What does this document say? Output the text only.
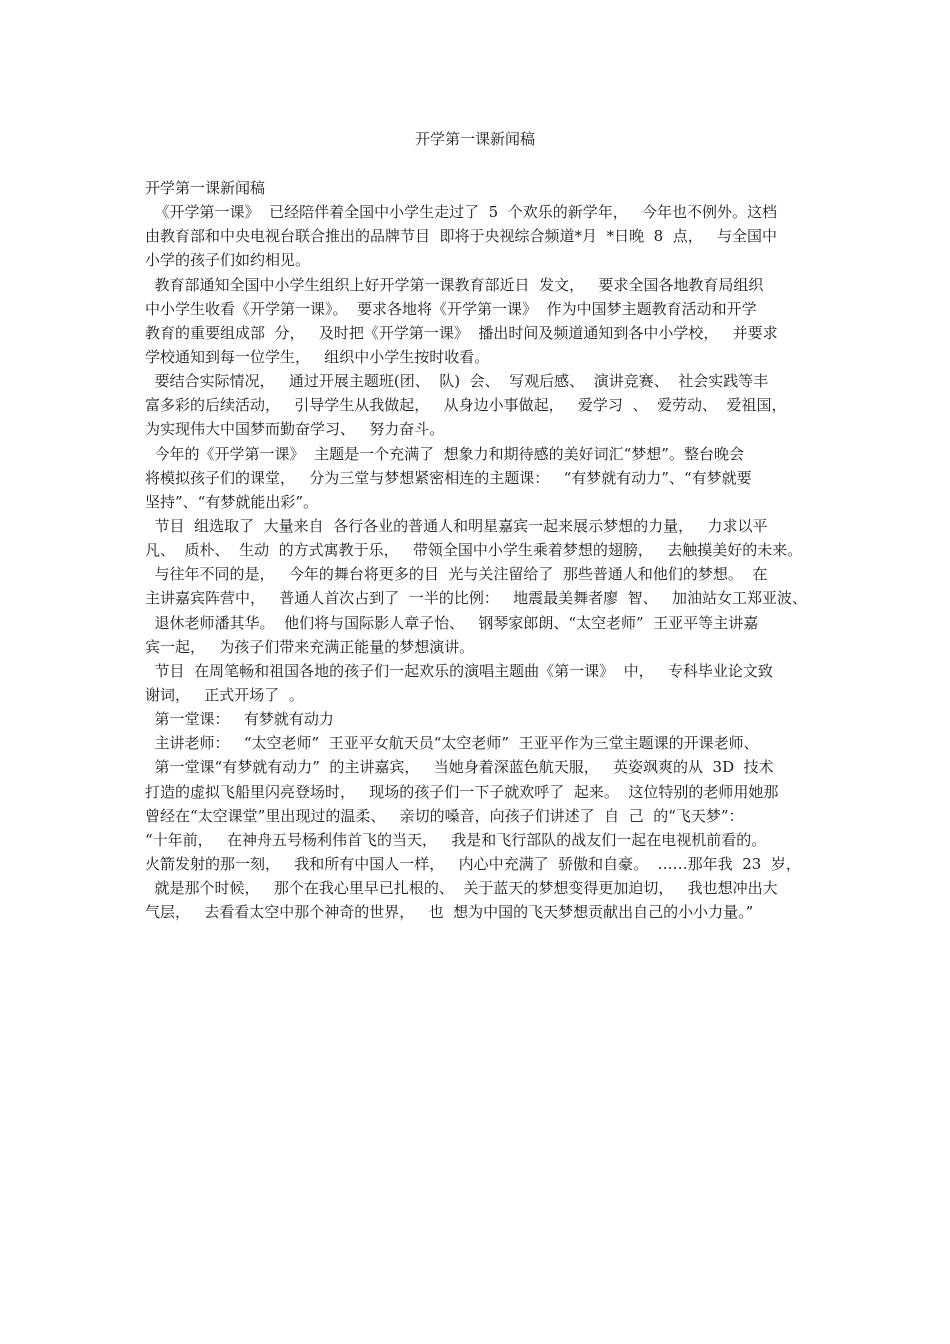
开学第一课新闻稿
开学第一课新闻稿
《开学第一课》  已经陪伴着全国中小学生走过了  5  个欢乐的新学年，   今年也不例外。这档
由教育部和中央电视台联合推出的品牌节目  即将于央视综合频道*月  *日晚  8  点，   与全国中
小学的孩子们如约相见。
教育部通知全国中小学生组织上好开学第一课教育部近日  发文，   要求全国各地教育局组织
中小学生收看《开学第一课》。  要求各地将《开学第一课》  作为中国梦主题教育活动和开学
教育的重要组成部  分，   及时把《开学第一课》  播出时间及频道通知到各中小学校，   并要求
学校通知到每一位学生，   组织中小学生按时收看。
要结合实际情况，   通过开展主题班(团、  队)  会、  写观后感、  演讲竞赛、  社会实践等丰
富多彩的后续活动，   引导学生从我做起，   从身边小事做起，   爱学习  、  爱劳动、  爱祖国，
为实现伟大中国梦而勤奋学习、   努力奋斗。
今年的《开学第一课》  主题是一个充满了  想象力和期待感的美好词汇“梦想”。整台晚会
将模拟孩子们的课堂，   分为三堂与梦想紧密相连的主题课：   “有梦就有动力”、“有梦就要
坚持”、“有梦就能出彩”。
节目  组选取了  大量来自  各行各业的普通人和明星嘉宾一起来展示梦想的力量，   力求以平
凡、  质朴、  生动  的方式寓教于乐，   带领全国中小学生乘着梦想的翅膀，   去触摸美好的未来。
与往年不同的是，   今年的舞台将更多的目  光与关注留给了  那些普通人和他们的梦想。  在
主讲嘉宾阵营中，   普通人首次占到了  一半的比例：   地震最美舞者廖  智、   加油站女工郑亚波、
退休老师潘其华。  他们将与国际影人章子怡、   钢琴家郎朗、“太空老师”  王亚平等主讲嘉
宾一起，   为孩子们带来充满正能量的梦想演讲。
节目  在周笔畅和祖国各地的孩子们一起欢乐的演唱主题曲《第一课》  中，   专科毕业论文致
谢词，   正式开场了  。
第一堂课：   有梦就有动力
主讲老师：   “太空老师”  王亚平女航天员“太空老师”  王亚平作为三堂主题课的开课老师、
第一堂课“有梦就有动力”  的主讲嘉宾，   当她身着深蓝色航天服，   英姿飒爽的从  3D  技术
打造的虚拟飞船里闪亮登场时，   现场的孩子们一下子就欢呼了  起来。  这位特别的老师用她那
曾经在“太空课堂”里出现过的温柔、   亲切的嗓音，向孩子们讲述了  自  己  的“飞天梦”：
“十年前，   在神舟五号杨利伟首飞的当天，   我是和飞行部队的战友们一起在电视机前看的。
火箭发射的那一刻，   我和所有中国人一样，   内心中充满了  骄傲和自豪。  ……那年我  23  岁，
就是那个时候，   那个在我心里早已扎根的、  关于蓝天的梦想变得更加迫切，   我也想冲出大
气层，   去看看太空中那个神奇的世界，   也  想为中国的飞天梦想贡献出自己的小小力量。”
